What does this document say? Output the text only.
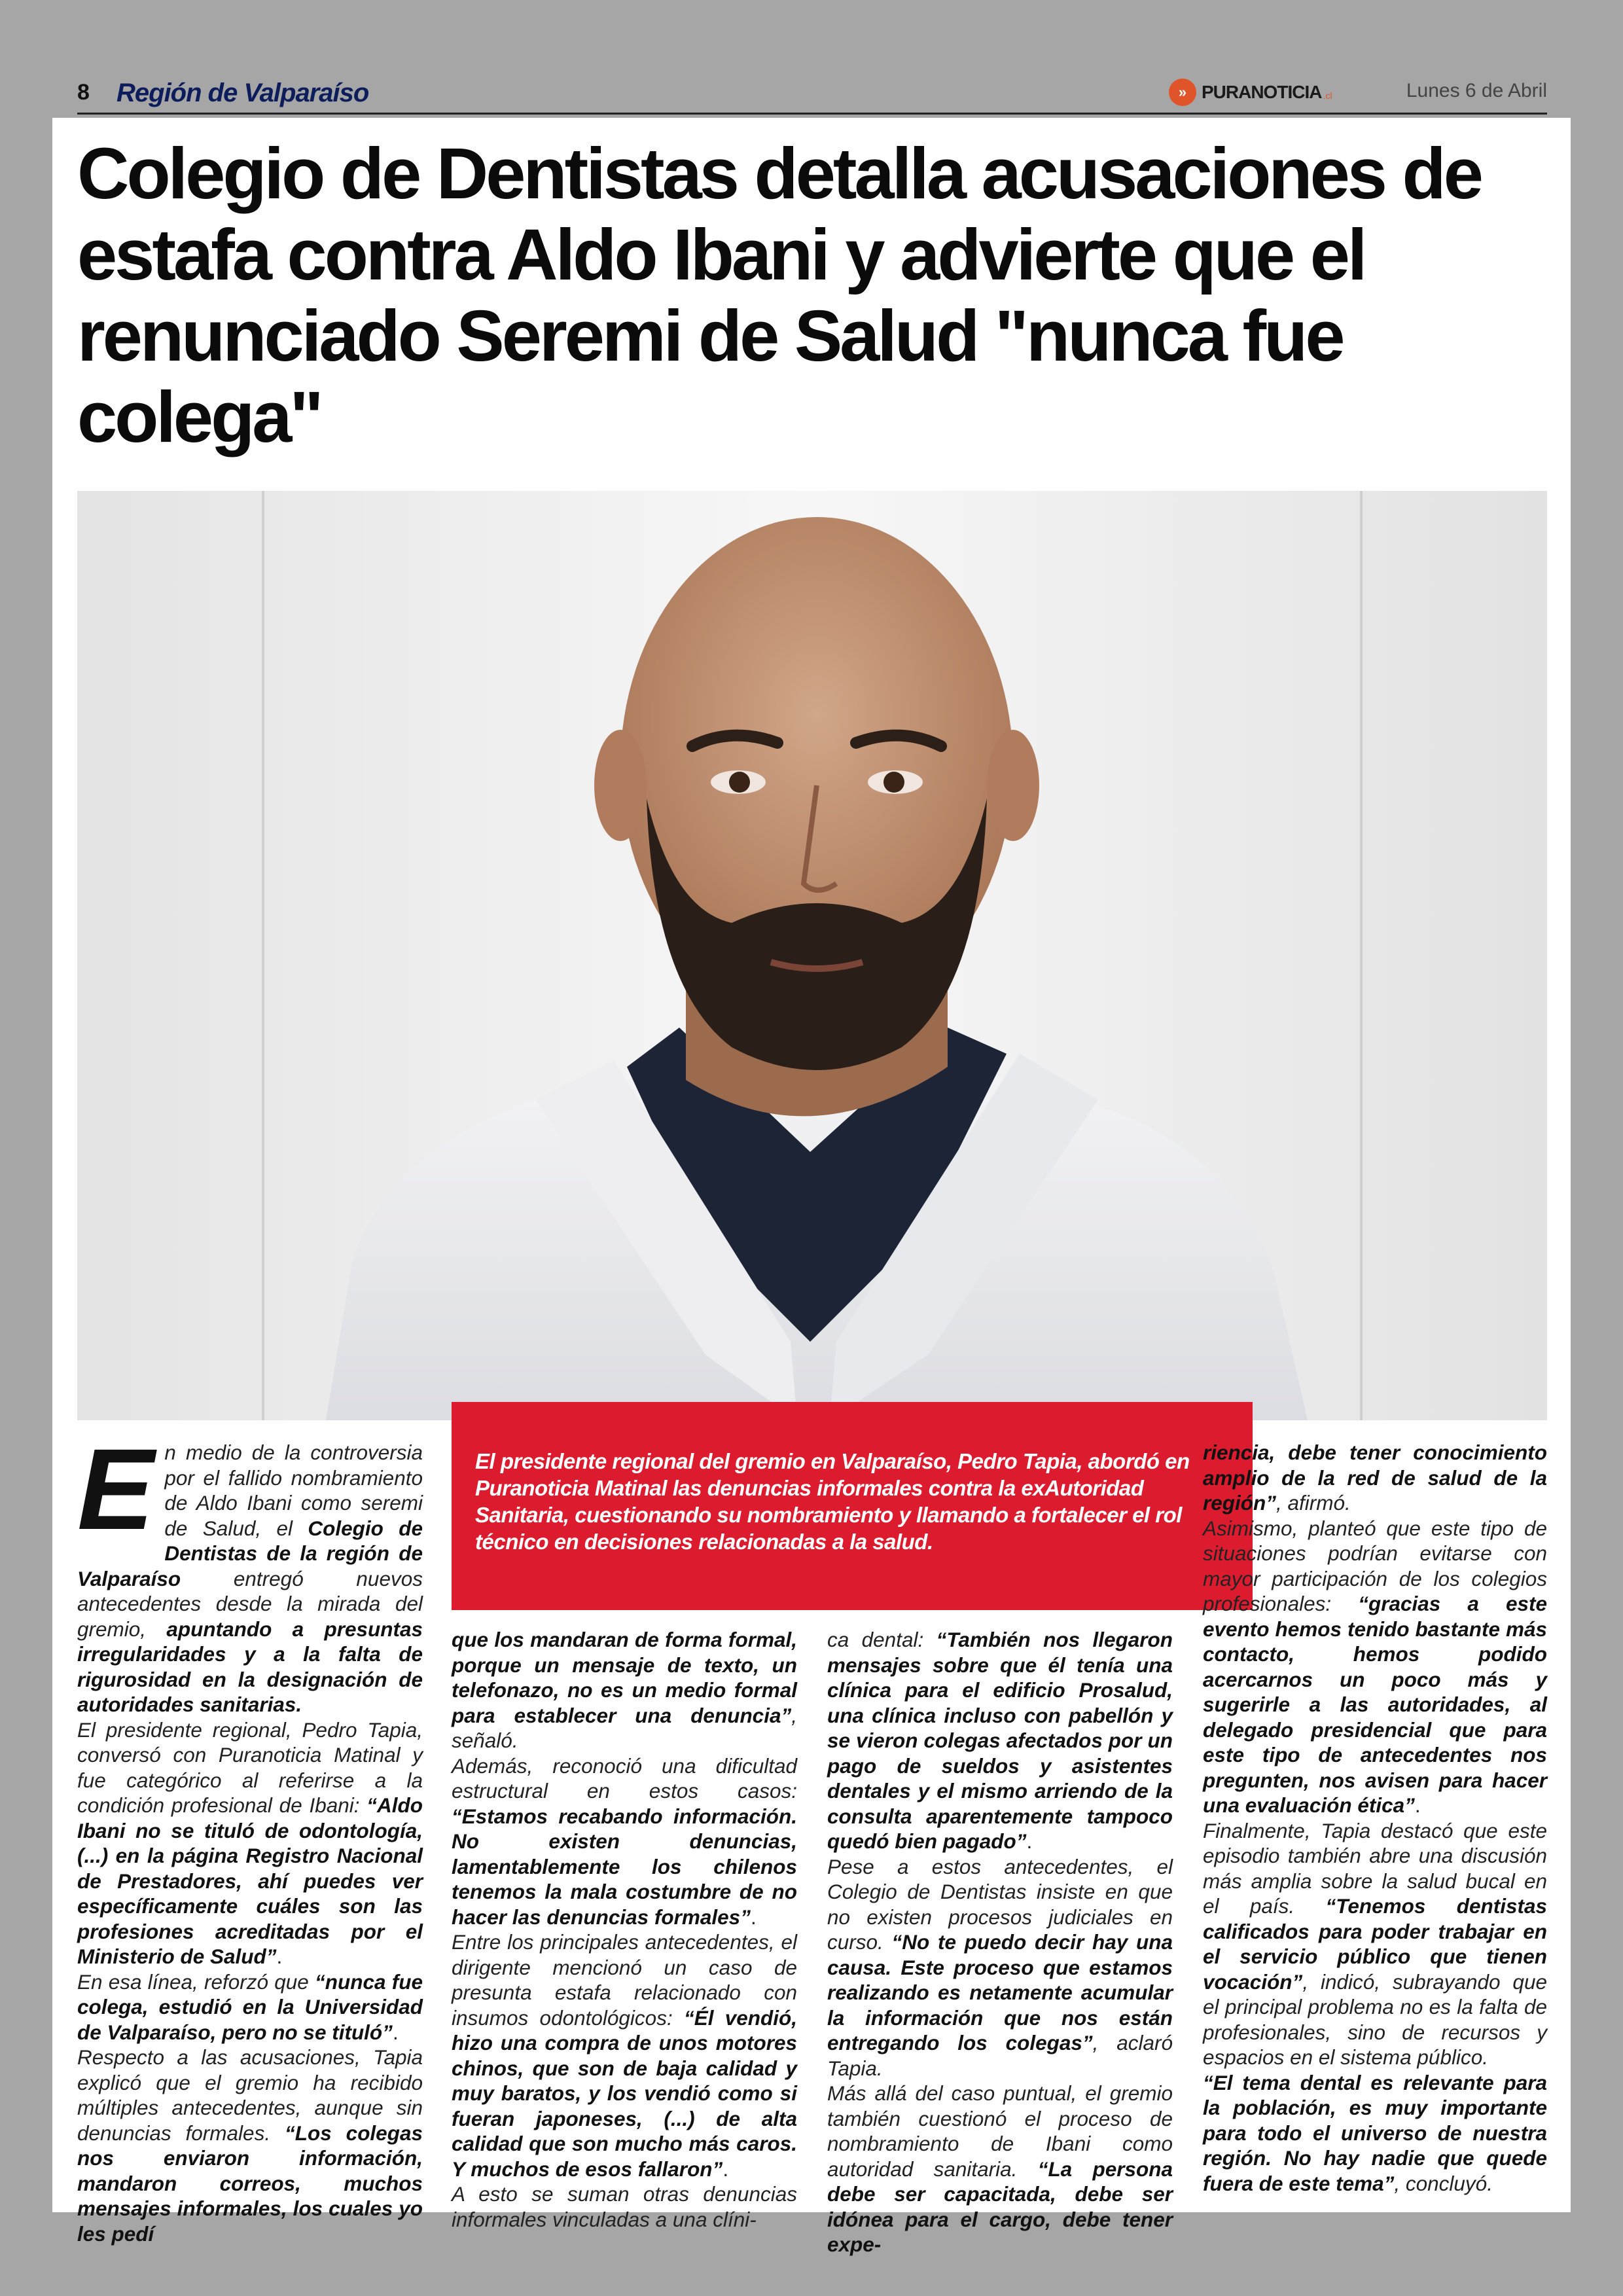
8 Región de Valparaíso	» PURANOTICIA .cl	Lunes 6 de Abril
Colegio de Dentistas detalla acusaciones de estafa contra Aldo Ibani y advierte que el renunciado Seremi de Salud "nunca fue colega"
El presidente regional del gremio en Valparaíso, Pedro Tapia, abordó en Puranoticia Matinal las denuncias informales contra la exAutoridad Sanitaria, cuestionando su nombramiento y llamando a fortalecer el rol técnico en decisiones relacionadas a la salud.

En medio de la controversia por el fallido nombramiento de Aldo Ibani como seremi de Salud, el Colegio de Dentistas de la región de Valparaíso entregó nuevos antecedentes desde la mirada del gremio, apuntando a presuntas irregularidades y a la falta de rigurosidad en la designación de autoridades sanitarias.

El presidente regional, Pedro Tapia, conversó con Puranoticia Matinal y fue categórico al referirse a la condición profesional de Ibani: “Aldo Ibani no se tituló de odontología, (...) en la página Registro Nacional de Prestadores, ahí puedes ver específicamente cuáles son las profesiones acreditadas por el Ministerio de Salud”.

En esa línea, reforzó que “nunca fue colega, estudió en la Universidad de Valparaíso, pero no se tituló”.

Respecto a las acusaciones, Tapia explicó que el gremio ha recibido múltiples antecedentes, aunque sin denuncias formales. “Los colegas nos enviaron información, mandaron correos, muchos mensajes informales, los cuales yo les pedí

que los mandaran de forma formal, porque un mensaje de texto, un telefonazo, no es un medio formal para establecer una denuncia”, señaló.

Además, reconoció una dificultad estructural en estos casos: “Estamos recabando información. No existen denuncias, lamentablemente los chilenos tenemos la mala costumbre de no hacer las denuncias formales”.

Entre los principales antecedentes, el dirigente mencionó un caso de presunta estafa relacionado con insumos odontológicos: “Él vendió, hizo una compra de unos motores chinos, que son de baja calidad y muy baratos, y los vendió como si fueran japoneses, (...) de alta calidad que son mucho más caros. Y muchos de esos fallaron”.

A esto se suman otras denuncias informales vinculadas a una clíni-

ca dental: “También nos llegaron mensajes sobre que él tenía una clínica para el edificio Prosalud, una clínica incluso con pabellón y se vieron colegas afectados por un pago de sueldos y asistentes dentales y el mismo arriendo de la consulta aparentemente tampoco quedó bien pagado”.

Pese a estos antecedentes, el Colegio de Dentistas insiste en que no existen procesos judiciales en curso. “No te puedo decir hay una causa. Este proceso que estamos realizando es netamente acumular la información que nos están entregando los colegas”, aclaró Tapia.

Más allá del caso puntual, el gremio también cuestionó el proceso de nombramiento de Ibani como autoridad sanitaria. “La persona debe ser capacitada, debe ser idónea para el cargo, debe tener expe-

riencia, debe tener conocimiento amplio de la red de salud de la región”, afirmó.

Asimismo, planteó que este tipo de situaciones podrían evitarse con mayor participación de los colegios profesionales: “gracias a este evento hemos tenido bastante más contacto, hemos podido acercarnos un poco más y sugerirle a las autoridades, al delegado presidencial que para este tipo de antecedentes nos pregunten, nos avisen para hacer una evaluación ética”.

Finalmente, Tapia destacó que este episodio también abre una discusión más amplia sobre la salud bucal en el país. “Tenemos dentistas calificados para poder trabajar en el servicio público que tienen vocación”, indicó, subrayando que el principal problema no es la falta de profesionales, sino de recursos y espacios en el sistema público.

“El tema dental es relevante para la población, es muy importante para todo el universo de nuestra región. No hay nadie que quede fuera de este tema”, concluyó.
